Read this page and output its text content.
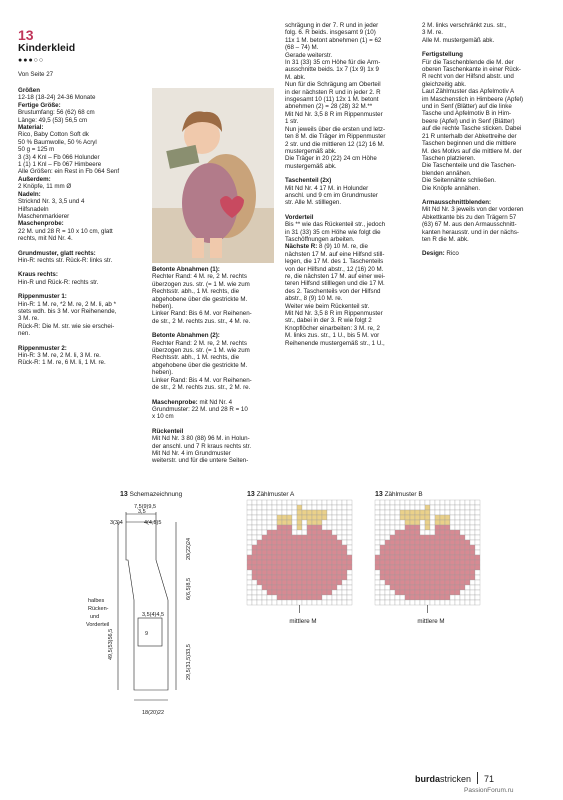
13
Kinderkleid
●●●○○
Von Seite 27

Größen

12-18 (18-24) 24-36 Monate

Fertige Größe:

Brustumfang: 56 (62) 68 cm

Länge: 49,5 (53) 56,5 cm

Material:

Rico, Baby Cotton Soft dk

50 % Baumwolle, 50 % Acryl

50 g = 125 m

3 (3) 4 Knl – Fb 066 Holunder

1 (1) 1 Knl – Fb 067 Himbeere

Alle Größen: ein Rest in Fb 064 Senf

Außerdem:

2 Knöpfe, 11 mm Ø

Nadeln:

Stricknd Nr. 3, 3,5 und 4

Hilfsnadeln

Maschenmarkierer

Maschenprobe:

22 M. und 28 R = 10 x 10 cm, glatt

rechts, mit Nd Nr. 4.

Grundmuster, glatt rechts:

Hin-R: rechts str. Rück-R: links str.

Kraus rechts:

Hin-R und Rück-R: rechts str.

Rippenmuster 1:

Hin-R: 1 M. re, *2 M. re, 2 M. li, ab *

stets wdh. bis 3 M. vor Reihenende,

3 M. re.

Rück-R: Die M. str. wie sie erschei-

nen.

Rippenmuster 2:

Hin-R: 3 M. re, 2 M. li, 3 M. re.

Rück-R: 1 M. re, 6 M. li, 1 M. re.

Betonte Abnahmen (1):

Rechter Rand: 4 M. re, 2 M. rechts

überzogen zus. str. (= 1 M. wie zum

Rechtsstr. abh., 1 M. rechts, die

abgehobene über die gestrickte M.

heben).

Linker Rand: Bis 6 M. vor Reihenen-

de str., 2 M. rechts zus. str., 4 M. re.

Betonte Abnahmen (2):

Rechter Rand: 2 M. re, 2 M. rechts

überzogen zus. str. (= 1 M. wie zum

Rechtsstr. abh., 1 M. rechts, die

abgehobene über die gestrickte M.

heben).

Linker Rand: Bis 4 M. vor Reihenen-

de str., 2 M. rechts zus. str., 2 M. re.

Maschenprobe: mit Nd Nr. 4

Grundmuster: 22 M. und 28 R = 10

x 10 cm

Rückenteil

Mit Nd Nr. 3 80 (88) 96 M. in Holun-

der anschl. und 7 R kraus rechts str.

Mit Nd Nr. 4 im Grundmuster

weiterstr. und für die untere Seiten-

schrägung in der 7. R und in jeder

folg. 6. R beids. insgesamt 9 (10)

11x 1 M. betont abnehmen (1) = 62

(68 – 74) M.

Gerade weiterstr.

In 31 (33) 35 cm Höhe für die Arm-

ausschnitte beids. 1x 7 (1x 9) 1x 9

M. abk.

Nun für die Schrägung am Oberteil

in der nächsten R und in jeder 2. R

insgesamt 10 (11) 12x 1 M. betont

abnehmen (2) = 28 (28) 32 M.**

Mit Nd Nr. 3,5 8 R im Rippenmuster

1 str.

Nun jeweils über die ersten und letz-

ten 8 M. die Träger im Rippenmuster

2 str. und die mittleren 12 (12) 16 M.

mustergemäß abk.

Die Träger in 20 (22) 24 cm Höhe

mustergemäß abk.

Taschenteil (2x)

Mit Nd Nr. 4 17 M. in Holunder

anschl. und 9 cm im Grundmuster

str. Alle M. stilllegen.

Vorderteil

Bis ** wie das Rückenteil str., jedoch

in 31 (33) 35 cm Höhe wie folgt die

Taschöffnungen arbeiten.

Nächste R: 8 (9) 10 M. re, die

nächsten 17 M. auf eine Hilfsnd still-

legen, die 17 M. des 1. Taschenteils

von der Hilfsnd abstr., 12 (16) 20 M.

re, die nächsten 17 M. auf einer wei-

teren Hilfsnd stilllegen und die 17 M.

des 2. Taschenteils von der Hilfsnd

abstr., 8 (9) 10 M. re.

Weiter wie beim Rückenteil str.

Mit Nd Nr. 3,5 8 R im Rippenmuster

str., dabei in der 3. R wie folgt 2

Knopflöcher einarbeiten: 3 M. re, 2

M. links zus. str., 1 U., bis 5 M. vor

Reihenende mustergemäß str., 1 U.,

2 M. links verschränkt zus. str.,

3 M. re.

Alle M. mustergemäß abk.

Fertigstellung

Für die Taschenblende die M. der

oberen Taschenkante in einer Rück-

R recht von der Hilfsnd abstr. und

gleichzeitig abk.

Laut Zählmuster das Apfelmotiv A

im Maschenstich in Himbeere (Apfel)

und in Senf (Blätter) auf die linke

Tasche und Apfelmotiv B in Him-

beere (Apfel) und in Senf (Blätter)

auf die rechte Tasche sticken. Dabei

21 R unterhalb der Abkettreihe der

Taschen beginnen und die mittlere

M. des Motivs auf die mittlere M. der

Taschen platzieren.

Die Taschenteile und die Taschen-

blenden annähen.

Die Seitennähte schließen.

Die Knöpfe annähen.

Armausschnittblenden:

Mit Nd Nr. 3 jeweils von der vorderen

Abkettkante bis zu den Trägern 57

(63) 67 M. aus den Armausschnitt-

kanten herausstr. und in der nächs-

ten R die M. abk.

Design: Rico

13 Schemazeichnung
7,5(9)9,5
3,5
3(3)4	4(4,5)5
halbes
Rücken-
und
Vorderteil
3,5(4)4,5
9
18(20)22
20(22)24
6(6,5)8,5
29,5(31,5)33,5
49,5(53)56,5
13 Zählmuster A
mittlere M
13 Zählmuster B
mittlere M
burdastricken 71
PassionForum.ru
